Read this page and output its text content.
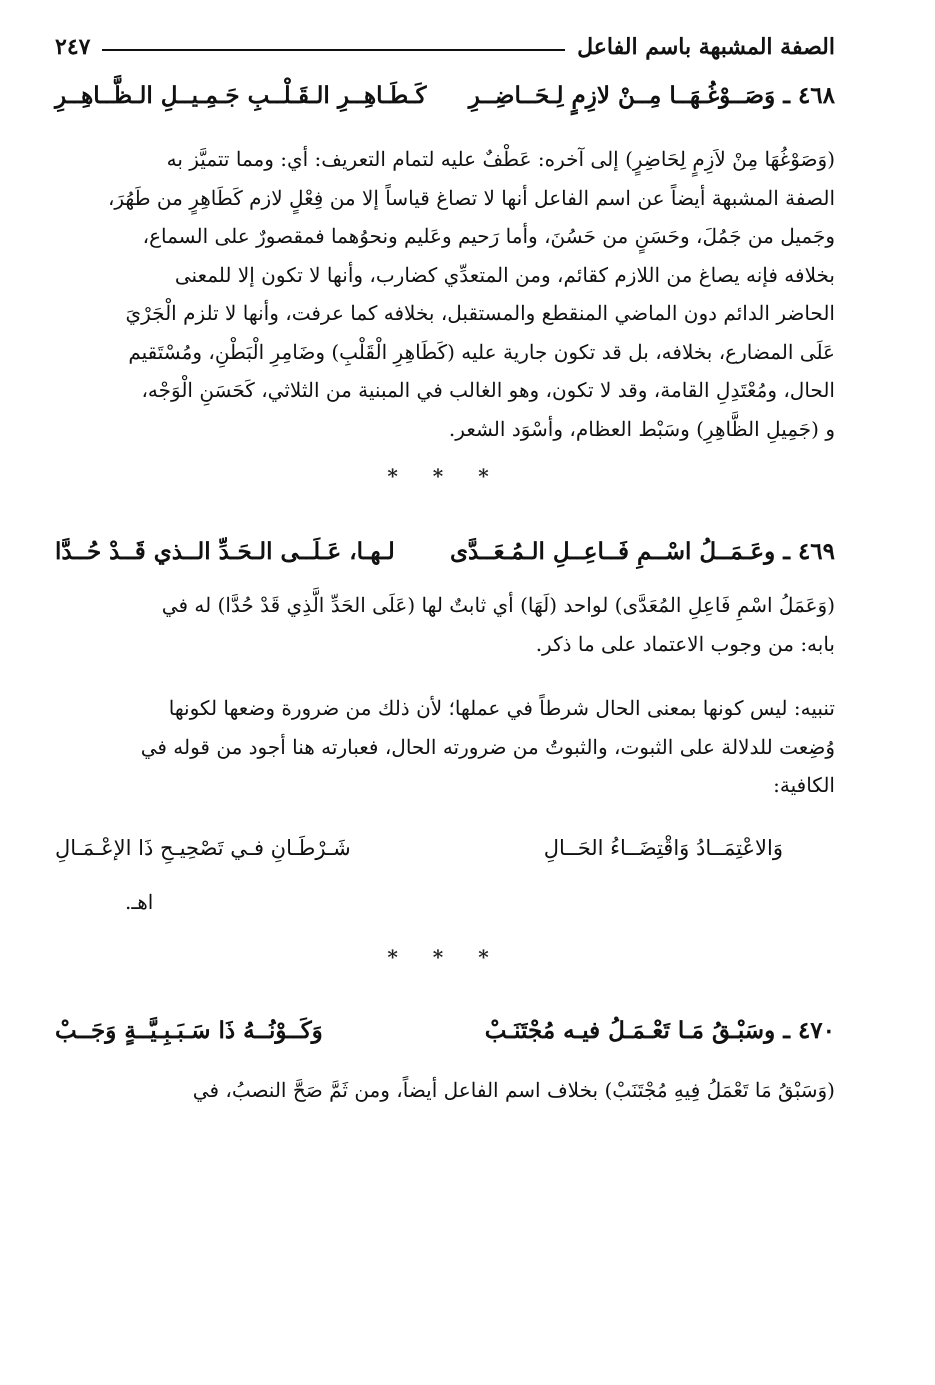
الصفة المشبهة باسم الفاعل
٢٤٧
٤٦٨ ـ
وَصَــوْغُـهَــا مِــنْ لازِمٍ لِـحَــاضِــرِ
كَـطَـاهِــرِ الـقَـلْــبِ جَـمِـيــلِ الـظَّــاهِــرِ

(وَصَوْغُهَا مِنْ لاَزِمٍ لِحَاضِرٍ) إلى آخره: عَطْفٌ عليه لتمام التعريف: أي: ومما تتميَّز به

الصفة المشبهة أيضاً عن اسم الفاعل أنها لا تصاغ قياساً إلا من فِعْلٍ لازم كَطَاهِرٍ من طَهُرَ،

وجَميل من جَمُلَ، وحَسَنٍ من حَسُنَ، وأما رَحيم وعَليم ونحوُهما فمقصورٌ على السماع،

بخلافه فإنه يصاغ من اللازم كقائم، ومن المتعدِّي كضارب، وأنها لا تكون إلا للمعنى

الحاضر الدائم دون الماضي المنقطع والمستقبل، بخلافه كما عرفت، وأنها لا تلزم الْجَرْيَ

عَلَى المضارع، بخلافه، بل قد تكون جارية عليه (كَطَاهِرِ الْقَلْبِ) وضَامِرِ الْبَطْنِ، ومُسْتَقيم

الحال، ومُعْتَدِلِ القامة، وقد لا تكون، وهو الغالب في المبنية من الثلاثي، كَحَسَنِ الْوَجْه،

و (جَمِيلِ الظَّاهِرِ) وسَبْط العظام، وأسْوَد الشعر.

* * *
٤٦٩ ـ
وعَـمَــلُ اسْــمِ فَــاعِــلِ الـمُـعَــدَّى
لـهـا، عَـلَــى الـحَـدِّ الــذي قَــدْ حُــدَّا

(وَعَمَلُ اسْمِ فَاعِلِ المُعَدَّى) لواحد (لَهَا) أي ثابتٌ لها (عَلَى الحَدِّ الَّذِي قَدْ حُدَّا) له في

بابه: من وجوب الاعتماد على ما ذكر.

تنبيه: ليس كونها بمعنى الحال شرطاً في عملها؛ لأن ذلك من ضرورة وضعها لكونها

وُضِعت للدلالة على الثبوت، والثبوتُ من ضرورته الحال، فعبارته هنا أجود من قوله في

الكافية:

وَالاعْتِمَــادُ وَاقْتِضَــاءُ الحَــالِ
شَـرْطَـانِ فـي تَصْحِيـحِ ذَا الإعْـمَـالِ
اهـ.
* * *
٤٧٠ ـ
وسَبْـقُ مَـا تَعْـمَـلُ فيـه مُجْتَنَـبْ
وَكَــوْنُــهُ ذَا سَـبَـبِـيَّــةٍ وَجَــبْ

(وَسَبْقُ مَا تَعْمَلُ فِيهِ مُجْتَنَبْ) بخلاف اسم الفاعل أيضاً، ومن ثَمَّ صَحَّ النصبُ، في
